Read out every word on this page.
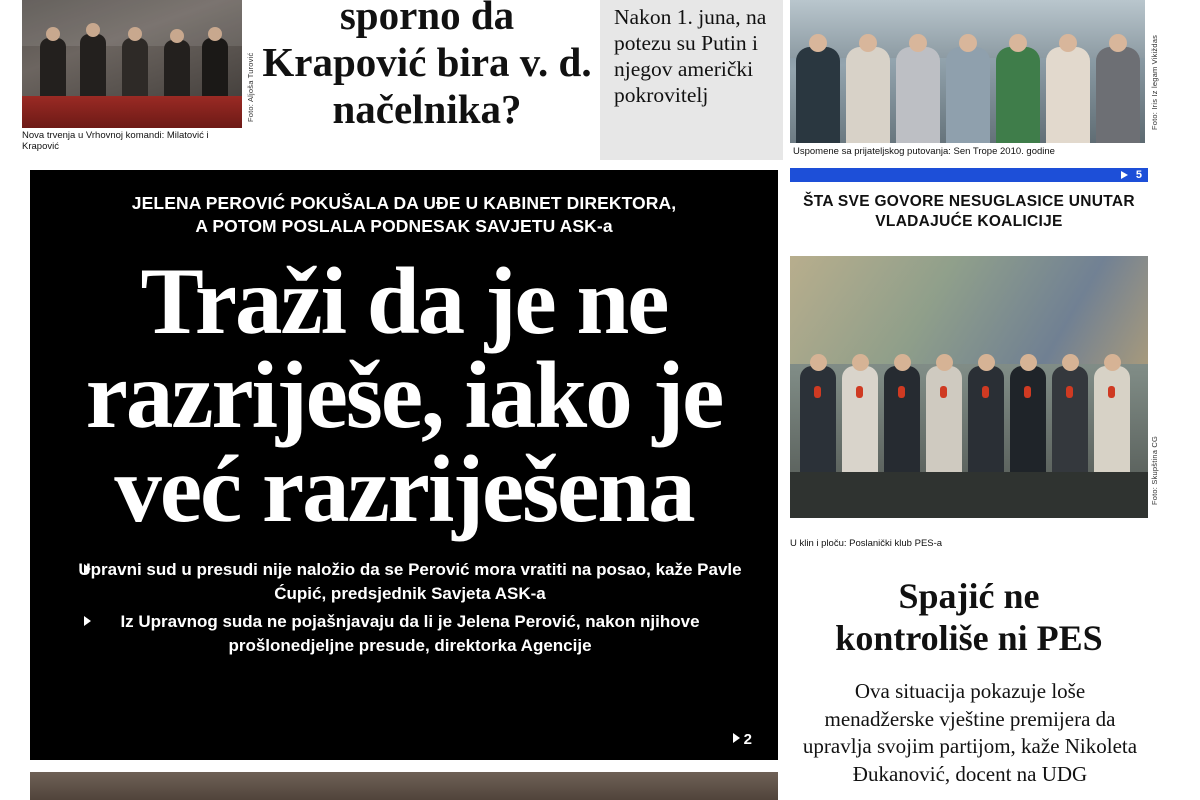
Nova trvenja u Vrhovnoj komandi: Milatović i Krapović
Foto: Aljoša Turović
sporno da Krapović bira v. d. načelnika?

Nakon 1. juna, na potezu su Putin i njegov američki pokrovitelj

Uspomene sa prijateljskog putovanja: Sen Trope 2010. godine
Foto: Iris Iz legam Vikiždas
5
JELENA PEROVIĆ POKUŠALA DA UĐE U KABINET DIREKTORA,
A POTOM POSLALA PODNESAK SAVJETU ASK-a
Traži da je ne
razriješe, iako je
već razriješena
Upravni sud u presudi nije naložio da se Perović mora vratiti na posao, kaže Pavle Ćupić, predsjednik Savjeta ASK-a
Iz Upravnog suda ne pojašnjavaju da li je Jelena Perović, nakon njihove prošlonedjeljne presude, direktorka Agencije
2
ŠTA SVE GOVORE NESUGLASICE UNUTAR VLADAJUĆE KOALICIJE
Foto: Skupština CG
U klin i ploču: Poslanički klub PES-a
Spajić ne
kontroliše ni PES
Ova situacija pokazuje loše menadžerske vještine premijera da upravlja svojim partijom, kaže Nikoleta Đukanović, docent na UDG
